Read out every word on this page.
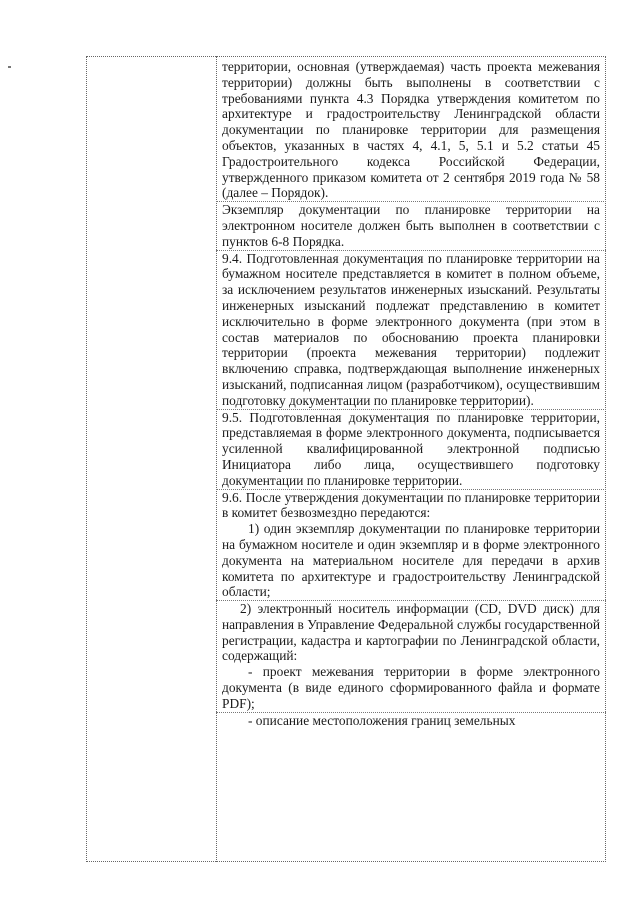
территории, основная (утверждаемая) часть проекта межевания территории) должны быть выполнены в соответствии с требованиями пункта 4.3 Порядка утверждения комитетом по архитектуре и градостроительству Ленинградской области документации по планировке территории для размещения объектов, указанных в частях 4, 4.1, 5, 5.1 и 5.2 статьи 45 Градостроительного кодекса Российской Федерации, утвержденного приказом комитета от 2 сентября 2019 года № 58 (далее – Порядок).

Экземпляр документации по планировке территории на электронном носителе должен быть выполнен в соответствии с пунктов 6-8 Порядка.

9.4. Подготовленная документация по планировке территории на бумажном носителе представляется в комитет в полном объеме, за исключением результатов инженерных изысканий. Результаты инженерных изысканий подлежат представлению в комитет исключительно в форме электронного документа (при этом в состав материалов по обоснованию проекта планировки территории (проекта межевания территории) подлежит включению справка, подтверждающая выполнение инженерных изысканий, подписанная лицом (разработчиком), осуществившим подготовку документации по планировке территории).

9.5. Подготовленная документация по планировке территории, представляемая в форме электронного документа, подписывается усиленной квалифицированной электронной подписью Инициатора либо лица, осуществившего подготовку документации по планировке территории.

9.6. После утверждения документации по планировке территории в комитет безвозмездно передаются:

1) один экземпляр документации по планировке территории на бумажном носителе и один экземпляр и в форме электронного документа на материальном носителе для передачи в архив комитета по архитектуре и градостроительству Ленинградской области;

2) электронный носитель информации (CD, DVD диск) для направления в Управление Федеральной службы государственной регистрации, кадастра и картографии по Ленинградской области, содержащий:

- проект межевания территории в форме электронного документа (в виде единого сформированного файла и формате PDF);

- описание местоположения границ земельных
